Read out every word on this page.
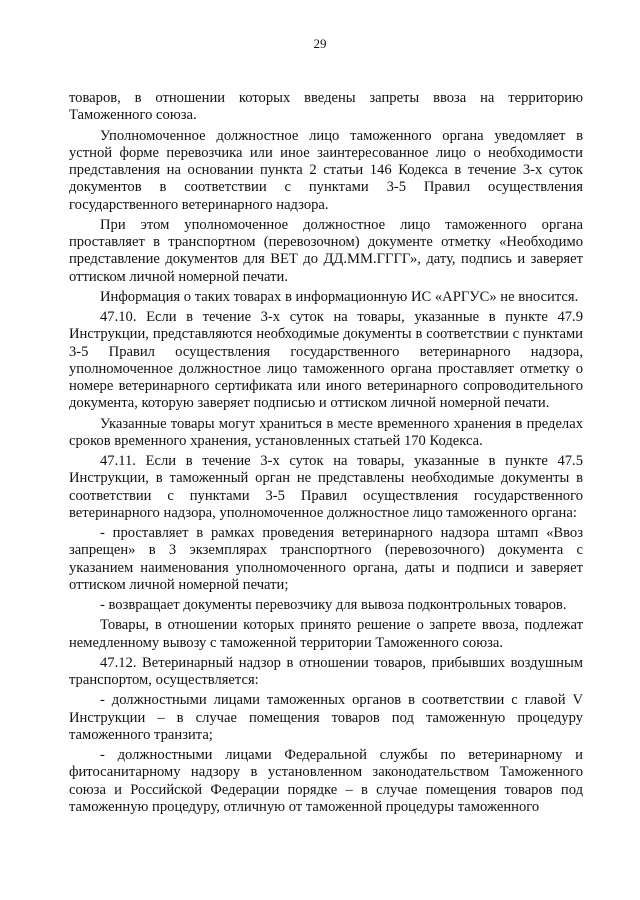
29

товаров, в отношении которых введены запреты ввоза на территорию Таможенного союза.

Уполномоченное должностное лицо таможенного органа уведомляет в устной форме перевозчика или иное заинтересованное лицо о необходимости представления на основании пункта 2 статьи 146 Кодекса в течение 3-х суток документов в соответствии с пунктами 3-5 Правил осуществления государственного ветеринарного надзора.

При этом уполномоченное должностное лицо таможенного органа проставляет в транспортном (перевозочном) документе отметку «Необходимо представление документов для ВЕТ до ДД.ММ.ГГГГ», дату, подпись и заверяет оттиском личной номерной печати.

Информация о таких товарах в информационную ИС «АРГУС» не вносится.

47.10. Если в течение 3-х суток на товары, указанные в пункте 47.9 Инструкции, представляются необходимые документы в соответствии с пунктами 3-5 Правил осуществления государственного ветеринарного надзора, уполномоченное должностное лицо таможенного органа проставляет отметку о номере ветеринарного сертификата или иного ветеринарного сопроводительного документа, которую заверяет подписью и оттиском личной номерной печати.

Указанные товары могут храниться в месте временного хранения в пределах сроков временного хранения, установленных статьей 170 Кодекса.

47.11. Если в течение 3-х суток на товары, указанные в пункте 47.5 Инструкции, в таможенный орган не представлены необходимые документы в соответствии с пунктами 3-5 Правил осуществления государственного ветеринарного надзора, уполномоченное должностное лицо таможенного органа:

- проставляет в рамках проведения ветеринарного надзора штамп «Ввоз запрещен» в 3 экземплярах транспортного (перевозочного) документа с указанием наименования уполномоченного органа, даты и подписи и заверяет оттиском личной номерной печати;

- возвращает документы перевозчику для вывоза подконтрольных товаров.

Товары, в отношении которых принято решение о запрете ввоза, подлежат немедленному вывозу с таможенной территории Таможенного союза.

47.12. Ветеринарный надзор в отношении товаров, прибывших воздушным транспортом, осуществляется:

- должностными лицами таможенных органов в соответствии с главой V Инструкции – в случае помещения товаров под таможенную процедуру таможенного транзита;

- должностными лицами Федеральной службы по ветеринарному и фитосанитарному надзору в установленном законодательством Таможенного союза и Российской Федерации порядке – в случае помещения товаров под таможенную процедуру, отличную от таможенной процедуры таможенного
